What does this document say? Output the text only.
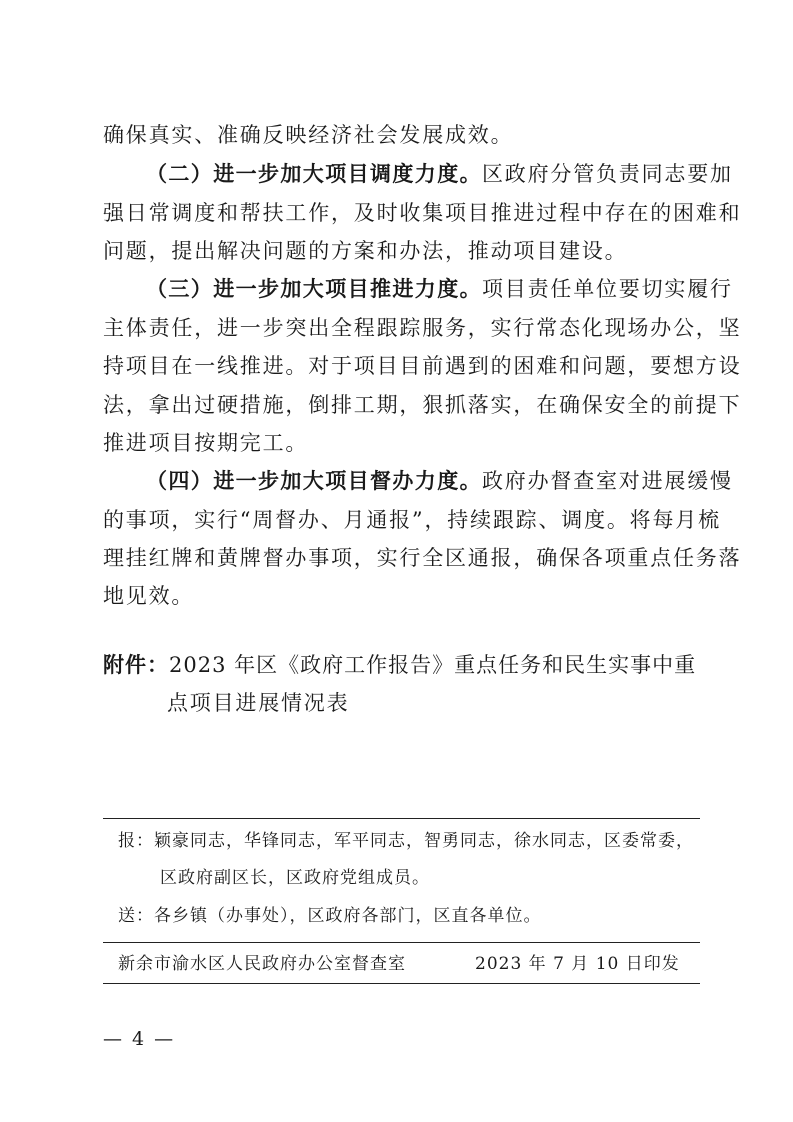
确保真实、准确反映经济社会发展成效。
（二）进一步加大项目调度力度。区政府分管负责同志要加
强日常调度和帮扶工作，及时收集项目推进过程中存在的困难和
问题，提出解决问题的方案和办法，推动项目建设。
（三）进一步加大项目推进力度。项目责任单位要切实履行
主体责任，进一步突出全程跟踪服务，实行常态化现场办公，坚
持项目在一线推进。对于项目目前遇到的困难和问题，要想方设
法，拿出过硬措施，倒排工期，狠抓落实，在确保安全的前提下
推进项目按期完工。
（四）进一步加大项目督办力度。政府办督查室对进展缓慢
的事项，实行“周督办、月通报”，持续跟踪、调度。将每月梳
理挂红牌和黄牌督办事项，实行全区通报，确保各项重点任务落
地见效。
附件：2023 年区《政府工作报告》重点任务和民生实事中重
点项目进展情况表
报：颖豪同志，华锋同志，军平同志，智勇同志，徐水同志，区委常委，
区政府副区长，区政府党组成员。
送：各乡镇（办事处），区政府各部门，区直各单位。
新余市渝水区人民政府办公室督查室	2023 年 7 月 10 日印发
— 4 —
